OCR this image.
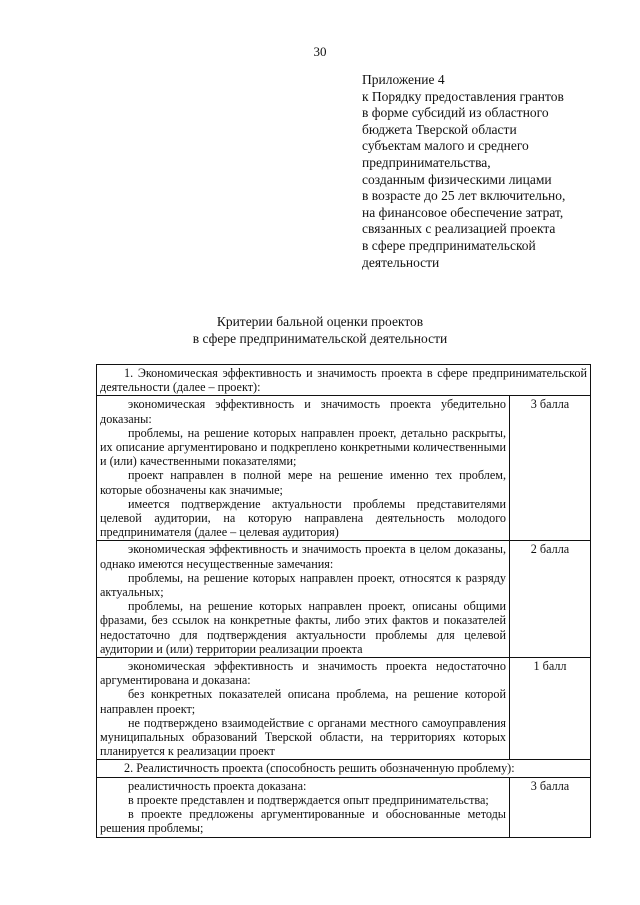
30
Приложение 4
к Порядку предоставления грантов
в форме субсидий из областного
бюджета Тверской области
субъектам малого и среднего
предпринимательства,
созданным физическими лицами
в возрасте до 25 лет включительно,
на финансовое обеспечение затрат,
связанных с реализацией проекта
в сфере предпринимательской
деятельности
Критерии бальной оценки проектов
в сфере предпринимательской деятельности
1. Экономическая эффективность и значимость проекта в сфере предпринимательской деятельности (далее – проект):	

экономическая эффективность и значимость проекта убедительно доказаны:
проблемы, на решение которых направлен проект, детально раскрыты, их описание аргументировано и подкреплено конкретными количественными и (или) качественными показателями;
проект направлен в полной мере на решение именно тех проблем, которые обозначены как значимые;
имеется подтверждение актуальности проблемы представителями целевой аудитории, на которую направлена деятельность молодого предпринимателя (далее – целевая аудитория)	3 балла

экономическая эффективность и значимость проекта в целом доказаны, однако имеются несущественные замечания:
проблемы, на решение которых направлен проект, относятся к разряду актуальных;
проблемы, на решение которых направлен проект, описаны общими фразами, без ссылок на конкретные факты, либо этих фактов и показателей недостаточно для подтверждения актуальности проблемы для целевой аудитории и (или) территории реализации проекта	2 балла

экономическая эффективность и значимость проекта недостаточно аргументирована и доказана:
без конкретных показателей описана проблема, на решение которой направлен проект;
не подтверждено взаимодействие с органами местного самоуправления муниципальных образований Тверской области, на территориях которых планируется к реализации проект	1 балл
2. Реалистичность проекта (способность решить обозначенную проблему):	

реалистичность проекта доказана:
в проекте представлен и подтверждается опыт предпринимательства;
в проекте предложены аргументированные и обоснованные методы решения проблемы;	3 балла
